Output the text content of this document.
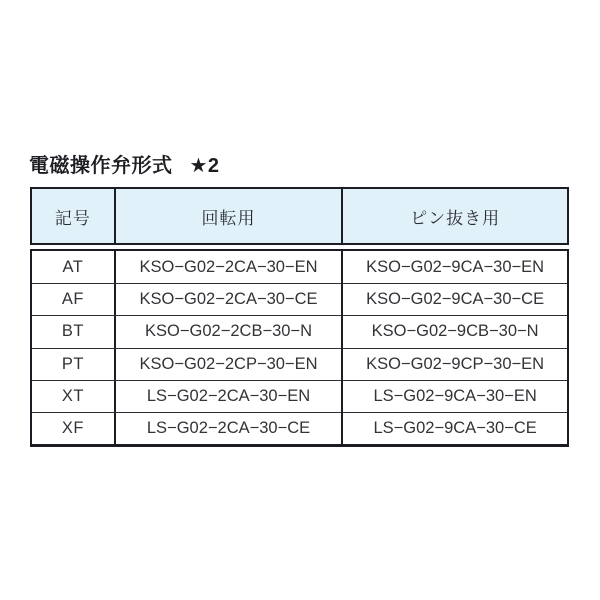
電磁操作弁形式 ★2
記号	回転用	ピン抜き用
AT	KSO−G02−2CA−30−EN	KSO−G02−9CA−30−EN
AF	KSO−G02−2CA−30−CE	KSO−G02−9CA−30−CE
BT	KSO−G02−2CB−30−N	KSO−G02−9CB−30−N
PT	KSO−G02−2CP−30−EN	KSO−G02−9CP−30−EN
XT	LS−G02−2CA−30−EN	LS−G02−9CA−30−EN
XF	LS−G02−2CA−30−CE	LS−G02−9CA−30−CE
